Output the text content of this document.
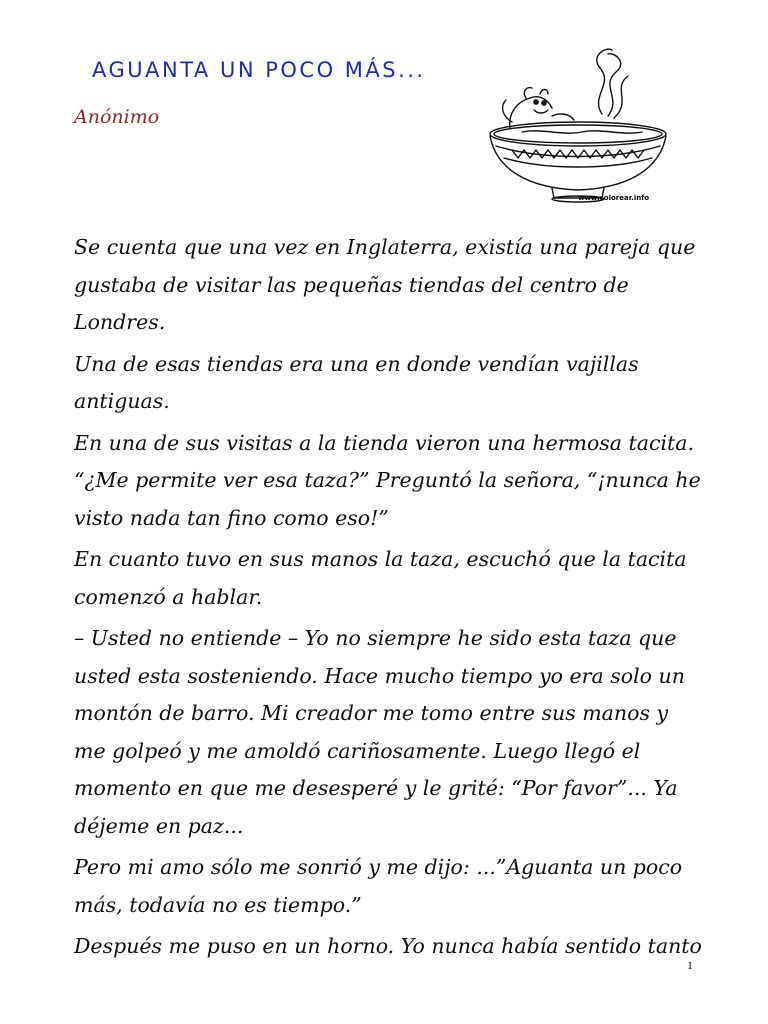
AGUANTA UN POCO MÁS...
Anónimo
www.colorear.info

Se cuenta que una vez en Inglaterra, existía una pareja que gustaba de visitar las pequeñas tiendas del centro de Londres.

Una de esas tiendas era una en donde vendían vajillas antiguas.

En una de sus visitas a la tienda vieron una hermosa tacita. “¿Me permite ver esa taza?” Preguntó la señora, “¡nunca he visto nada tan fino como eso!”

En cuanto tuvo en sus manos la taza, escuchó que la tacita comenzó a hablar.

– Usted no entiende – Yo no siempre he sido esta taza que usted esta sosteniendo. Hace mucho tiempo yo era solo un montón de barro. Mi creador me tomo entre sus manos y me golpeó y me amoldó cariñosamente. Luego llegó el momento en que me desesperé y le grité: “Por favor”... Ya déjeme en paz...

Pero mi amo sólo me sonrió y me dijo: ...”Aguanta un poco más, todavía no es tiempo.”

Después me puso en un horno. Yo nunca había sentido tanto

1
